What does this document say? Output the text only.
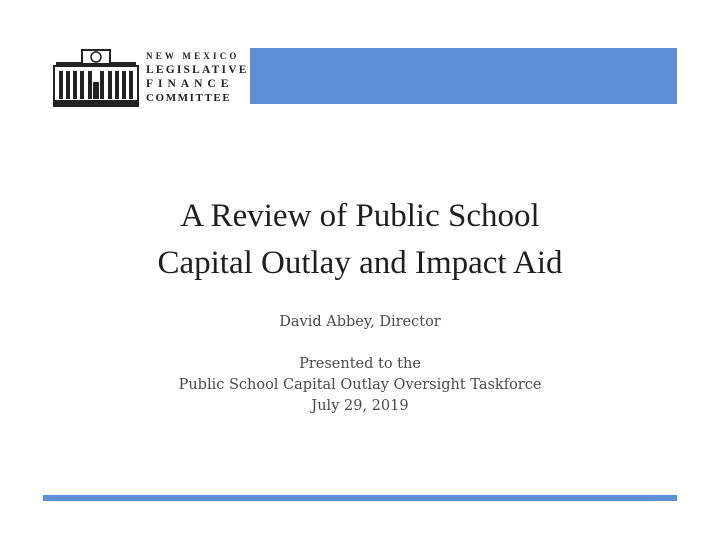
NEW MEXICO
LEGISLATIVE
FINANCE
COMMITTEE
A Review of Public School
Capital Outlay and Impact Aid
David Abbey, Director
Presented to the
Public School Capital Outlay Oversight Taskforce
July 29, 2019
